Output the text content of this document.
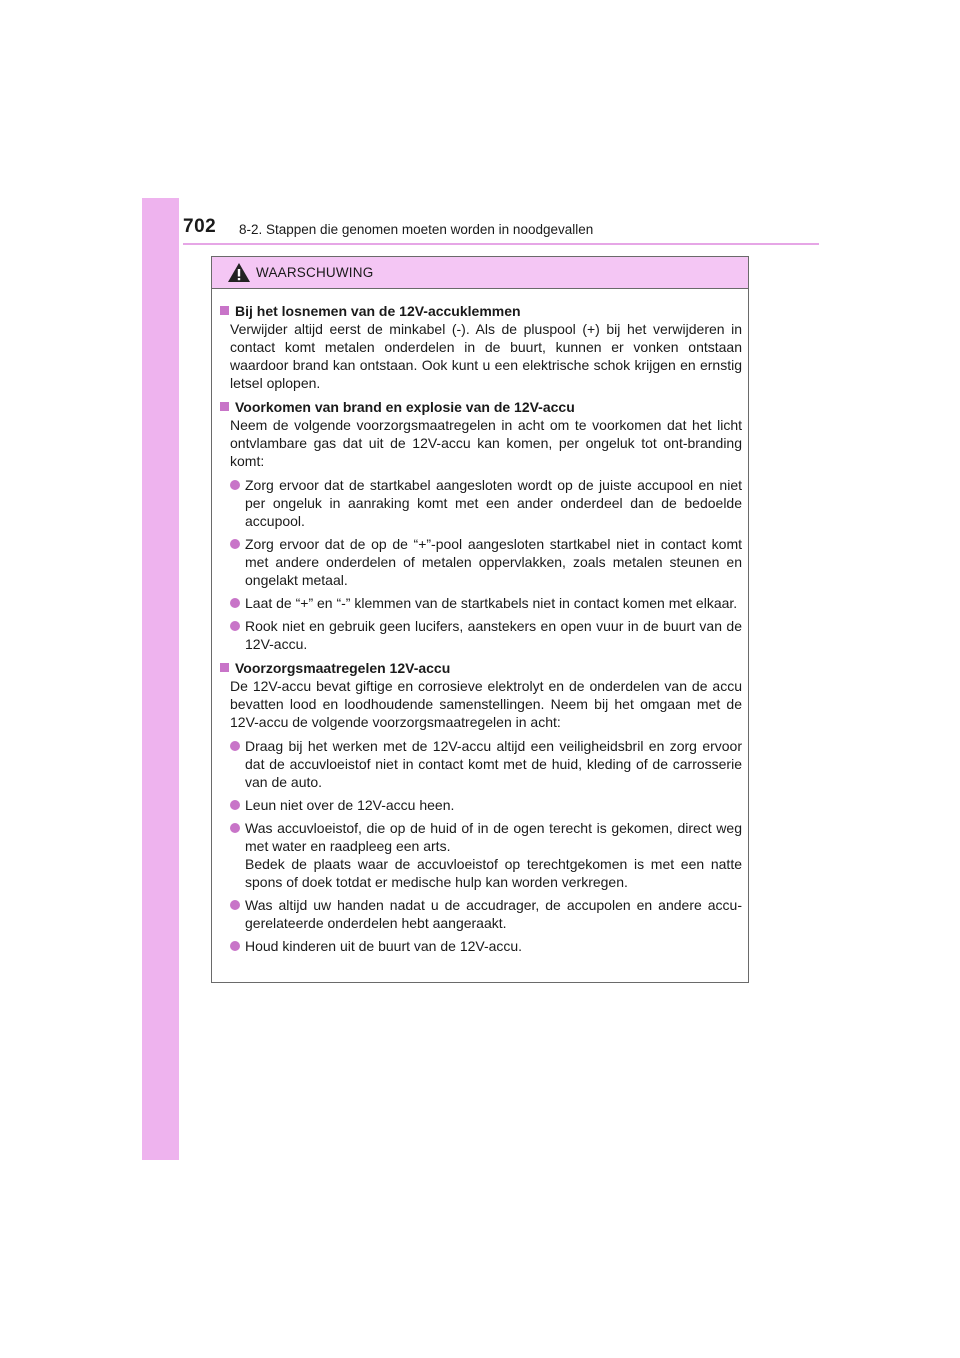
702 8-2. Stappen die genomen moeten worden in noodgevallen
WAARSCHUWING
Bij het losnemen van de 12V-accuklemmen
Verwijder altijd eerst de minkabel (-). Als de pluspool (+) bij het verwijderen in contact komt metalen onderdelen in de buurt, kunnen er vonken ontstaan waardoor brand kan ontstaan. Ook kunt u een elektrische schok krijgen en ernstig letsel oplopen.
Voorkomen van brand en explosie van de 12V-accu
Neem de volgende voorzorgsmaatregelen in acht om te voorkomen dat het licht ontvlambare gas dat uit de 12V-accu kan komen, per ongeluk tot ont-branding komt:
Zorg ervoor dat de startkabel aangesloten wordt op de juiste accupool en niet per ongeluk in aanraking komt met een ander onderdeel dan de bedoelde accupool.
Zorg ervoor dat de op de “+”-pool aangesloten startkabel niet in contact komt met andere onderdelen of metalen oppervlakken, zoals metalen steunen en ongelakt metaal.
Laat de “+” en “-” klemmen van de startkabels niet in contact komen met elkaar.
Rook niet en gebruik geen lucifers, aanstekers en open vuur in de buurt van de 12V-accu.
Voorzorgsmaatregelen 12V-accu
De 12V-accu bevat giftige en corrosieve elektrolyt en de onderdelen van de accu bevatten lood en loodhoudende samenstellingen. Neem bij het omgaan met de 12V-accu de volgende voorzorgsmaatregelen in acht:
Draag bij het werken met de 12V-accu altijd een veiligheidsbril en zorg ervoor dat de accuvloeistof niet in contact komt met de huid, kleding of de carrosserie van de auto.
Leun niet over de 12V-accu heen.
Was accuvloeistof, die op de huid of in de ogen terecht is gekomen, direct weg met water en raadpleeg een arts.
Bedek de plaats waar de accuvloeistof op terechtgekomen is met een natte spons of doek totdat er medische hulp kan worden verkregen.
Was altijd uw handen nadat u de accudrager, de accupolen en andere accu-gerelateerde onderdelen hebt aangeraakt.
Houd kinderen uit de buurt van de 12V-accu.
